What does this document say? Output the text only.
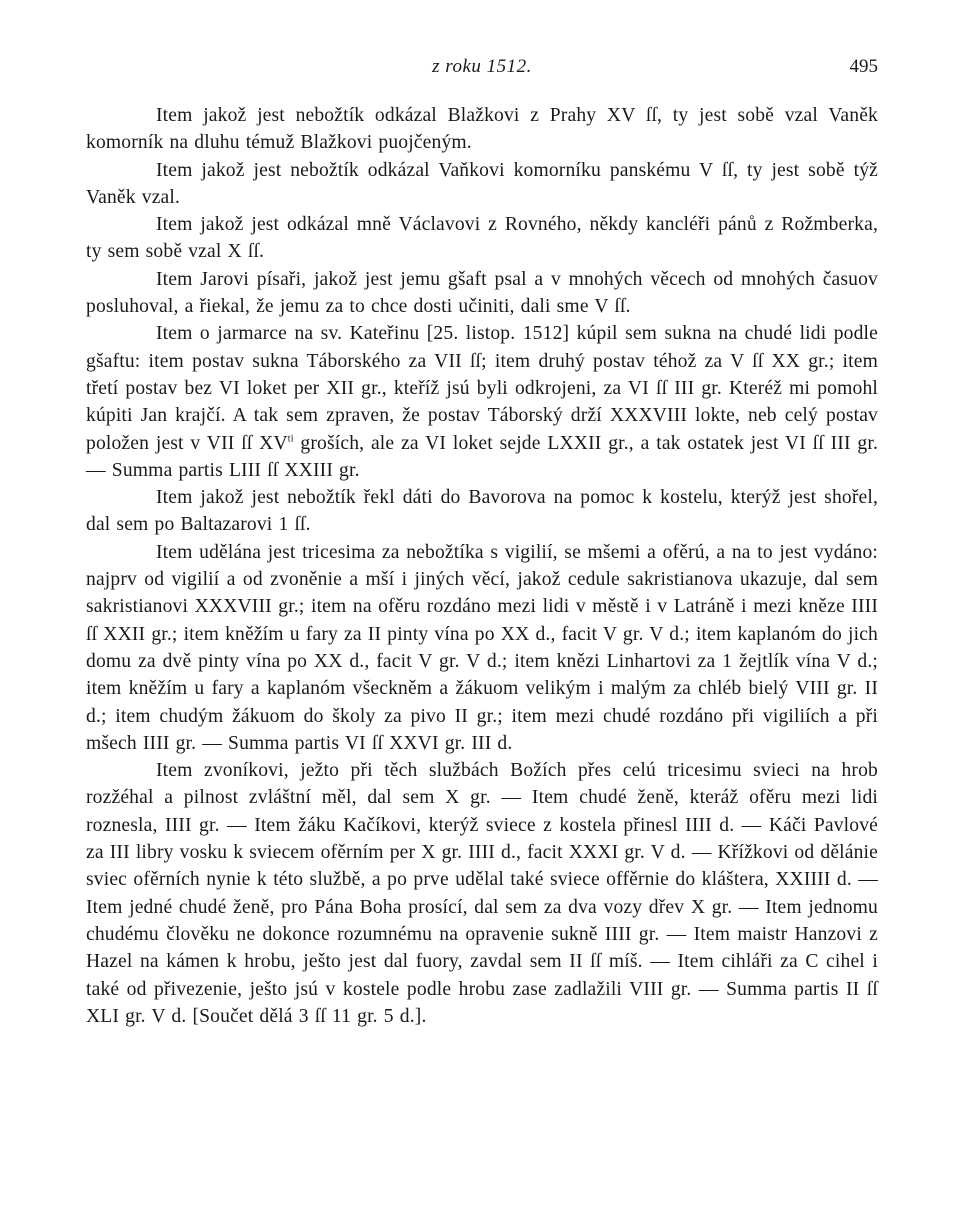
z roku 1512.	495

Item jakož jest nebožtík odkázal Blažkovi z Prahy XV ſſ, ty jest sobě vzal Vaněk komorník na dluhu témuž Blažkovi puojčeným.

Item jakož jest nebožtík odkázal Vaňkovi komorníku panskému V ſſ, ty jest sobě týž Vaněk vzal.

Item jakož jest odkázal mně Václavovi z Rovného, někdy kancléři pánů z Rožmberka, ty sem sobě vzal X ſſ.

Item Jarovi písaři, jakož jest jemu gšaft psal a v mnohých věcech od mnohých časuov posluhoval, a řiekal, že jemu za to chce dosti učiniti, dali sme V ſſ.

Item o jarmarce na sv. Kateřinu [25. listop. 1512] kúpil sem sukna na chudé lidi podle gšaftu: item postav sukna Táborského za VII ſſ; item druhý postav téhož za V ſſ XX gr.; item třetí postav bez VI loket per XII gr., kteříž jsú byli odkrojeni, za VI ſſ III gr. Kteréž mi pomohl kúpiti Jan krajčí. A tak sem zpraven, že postav Táborský drží XXXVIII lokte, neb celý postav položen jest v VII ſſ $XV^{ti}$ groších, ale za VI loket sejde LXXII gr., a tak ostatek jest VI ſſ III gr. — Summa partis LIII ſſ XXIII gr.

Item jakož jest nebožtík řekl dáti do Bavorova na pomoc k kostelu, kterýž jest shořel, dal sem po Baltazarovi 1 ſſ.

Item udělána jest tricesima za nebožtíka s vigilií, se mšemi a ofěrú, a na to jest vydáno: najprv od vigilií a od zvoněnie a mší i jiných věcí, jakož cedule sakristianova ukazuje, dal sem sakristianovi XXXVIII gr.; item na ofěru rozdáno mezi lidi v městě i v Latráně i mezi kněze IIII ſſ XXII gr.; item kněžím u fary za II pinty vína po XX d., facit V gr. V d.; item kaplanóm do jich domu za dvě pinty vína po XX d., facit V gr. V d.; item knězi Linhartovi za 1 žejtlík vína V d.; item kněžím u fary a kaplanóm všeckněm a žákuom velikým i malým za chléb bielý VIII gr. II d.; item chudým žákuom do školy za pivo II gr.; item mezi chudé rozdáno při vigiliích a při mšech IIII gr. — Summa partis VI ſſ XXVI gr. III d.

Item zvoníkovi, ježto při těch službách Božích přes celú tricesimu svieci na hrob rozžéhal a pilnost zvláštní měl, dal sem X gr. — Item chudé ženě, kteráž ofěru mezi lidi roznesla, IIII gr. — Item žáku Kačíkovi, kterýž sviece z kostela přinesl IIII d. — Káči Pavlové za III libry vosku k sviecem ofěrním per X gr. IIII d., facit XXXI gr. V d. — Křížkovi od dělánie sviec ofěrních nynie k této službě, a po prve udělal také sviece offěrnie do kláštera, XXIIII d. — Item jedné chudé ženě, pro Pána Boha prosící, dal sem za dva vozy dřev X gr. — Item jednomu chudému člověku ne dokonce rozumnému na opravenie sukně IIII gr. — Item maistr Hanzovi z Hazel na kámen k hrobu, ješto jest dal fuory, zavdal sem II ſſ míš. — Item cihláři za C cihel i také od přivezenie, ješto jsú v kostele podle hrobu zase zadlažili VIII gr. — Summa partis II ſſ XLI gr. V d. [Součet dělá 3 ſſ 11 gr. 5 d.].
